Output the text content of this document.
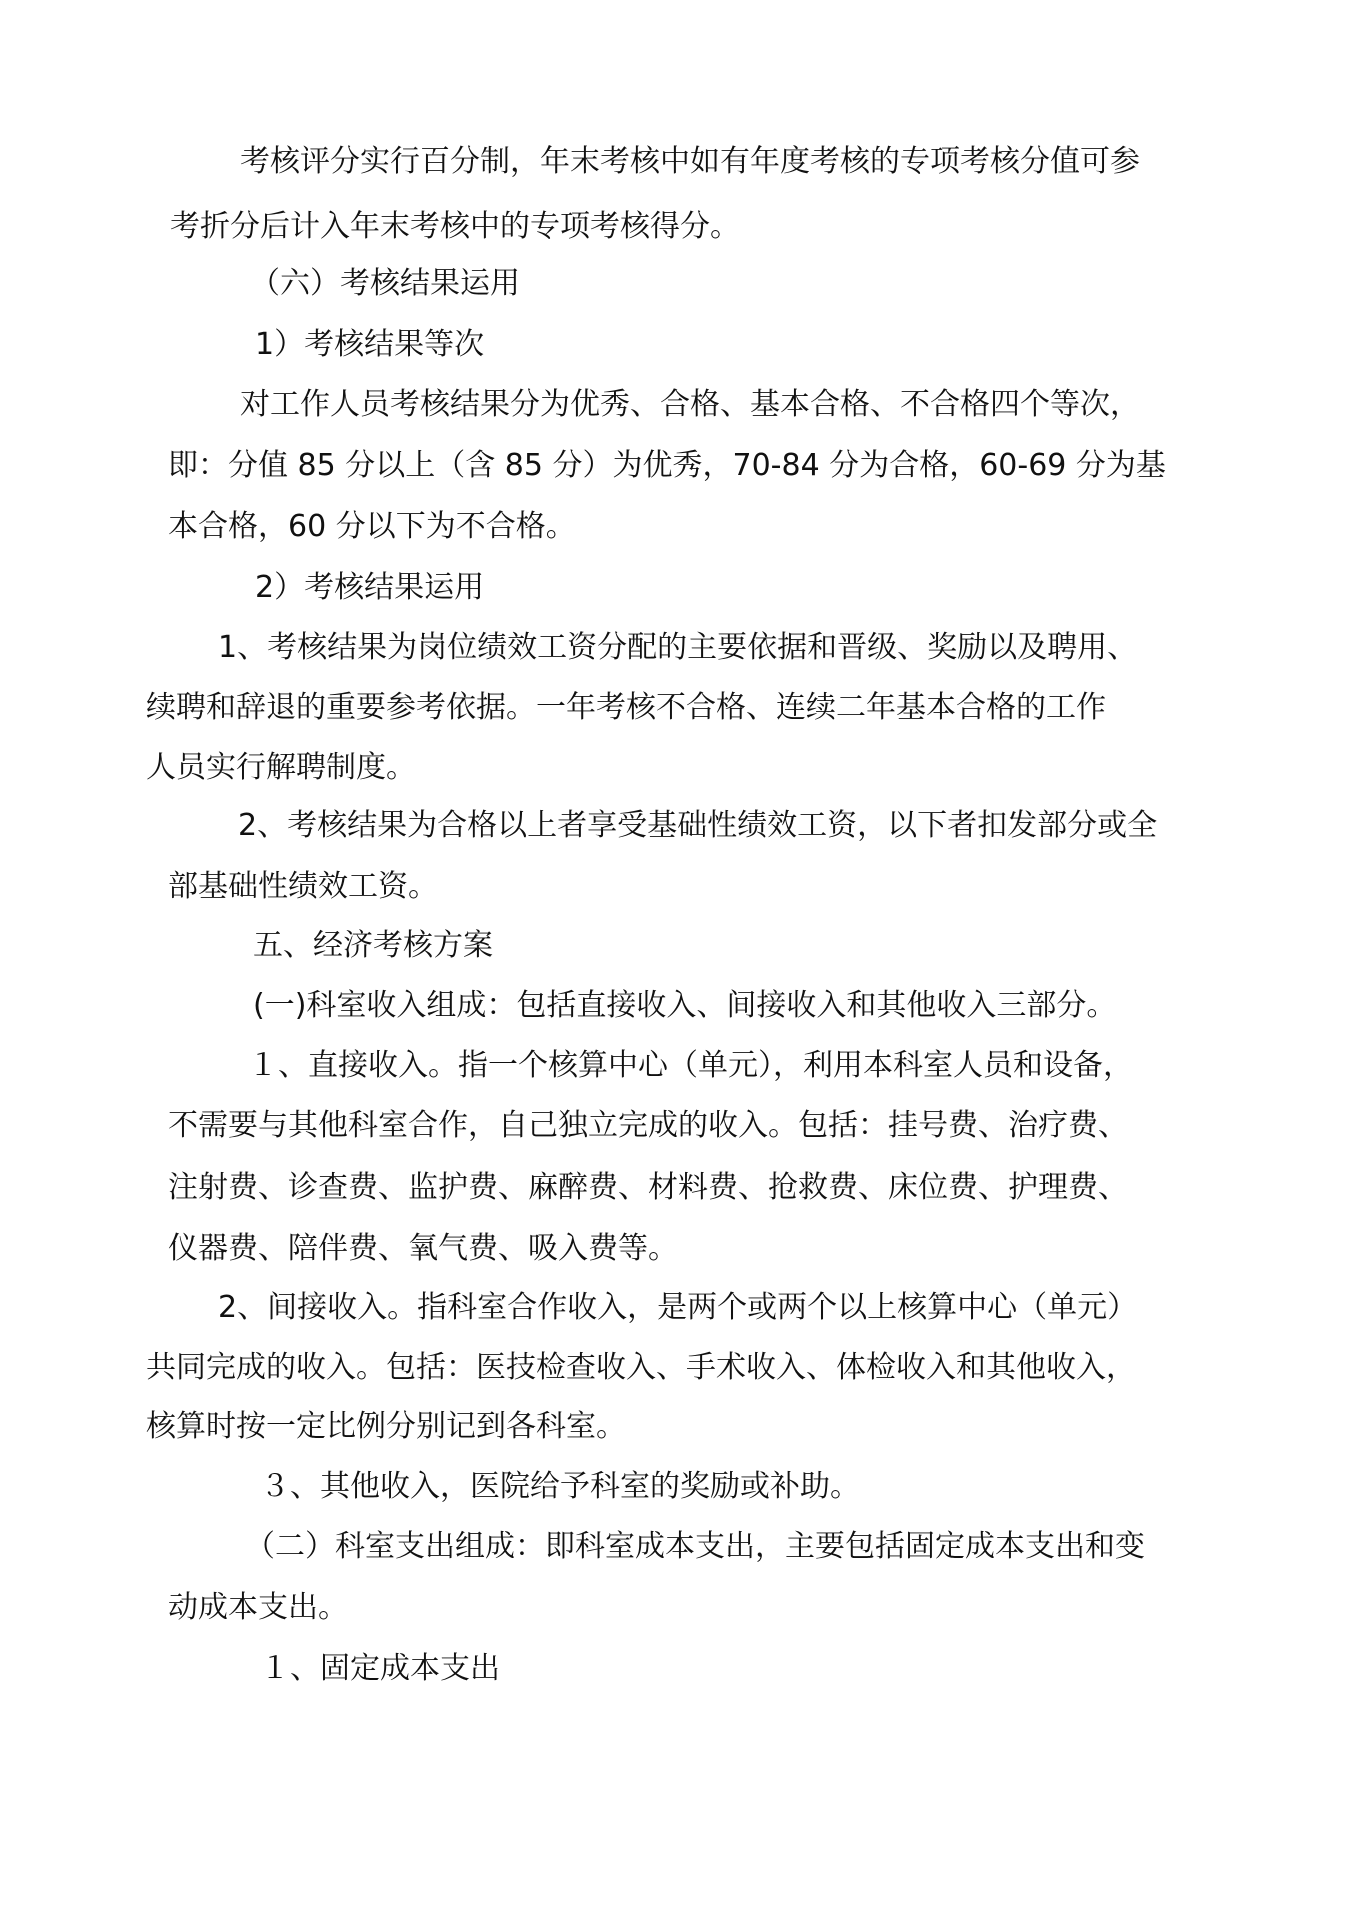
考核评分实行百分制，年末考核中如有年度考核的专项考核分值可参
考折分后计入年末考核中的专项考核得分。
（六）考核结果运用
1）考核结果等次
对工作人员考核结果分为优秀、合格、基本合格、不合格四个等次，
即：分值 85 分以上（含 85 分）为优秀，70-84 分为合格，60-69 分为基
本合格，60 分以下为不合格。
2）考核结果运用
1、考核结果为岗位绩效工资分配的主要依据和晋级、奖励以及聘用、
续聘和辞退的重要参考依据。一年考核不合格、连续二年基本合格的工作
人员实行解聘制度。
2、考核结果为合格以上者享受基础性绩效工资，以下者扣发部分或全
部基础性绩效工资。
五、经济考核方案
(一)科室收入组成：包括直接收入、间接收入和其他收入三部分。
１、直接收入。指一个核算中心（单元），利用本科室人员和设备，
不需要与其他科室合作，自己独立完成的收入。包括：挂号费、治疗费、
注射费、诊查费、监护费、麻醉费、材料费、抢救费、床位费、护理费、
仪器费、陪伴费、氧气费、吸入费等。
2、间接收入。指科室合作收入，是两个或两个以上核算中心（单元）
共同完成的收入。包括：医技检查收入、手术收入、体检收入和其他收入，
核算时按一定比例分别记到各科室。
３、其他收入，医院给予科室的奖励或补助。
（二）科室支出组成：即科室成本支出，主要包括固定成本支出和变
动成本支出。
１、固定成本支出
